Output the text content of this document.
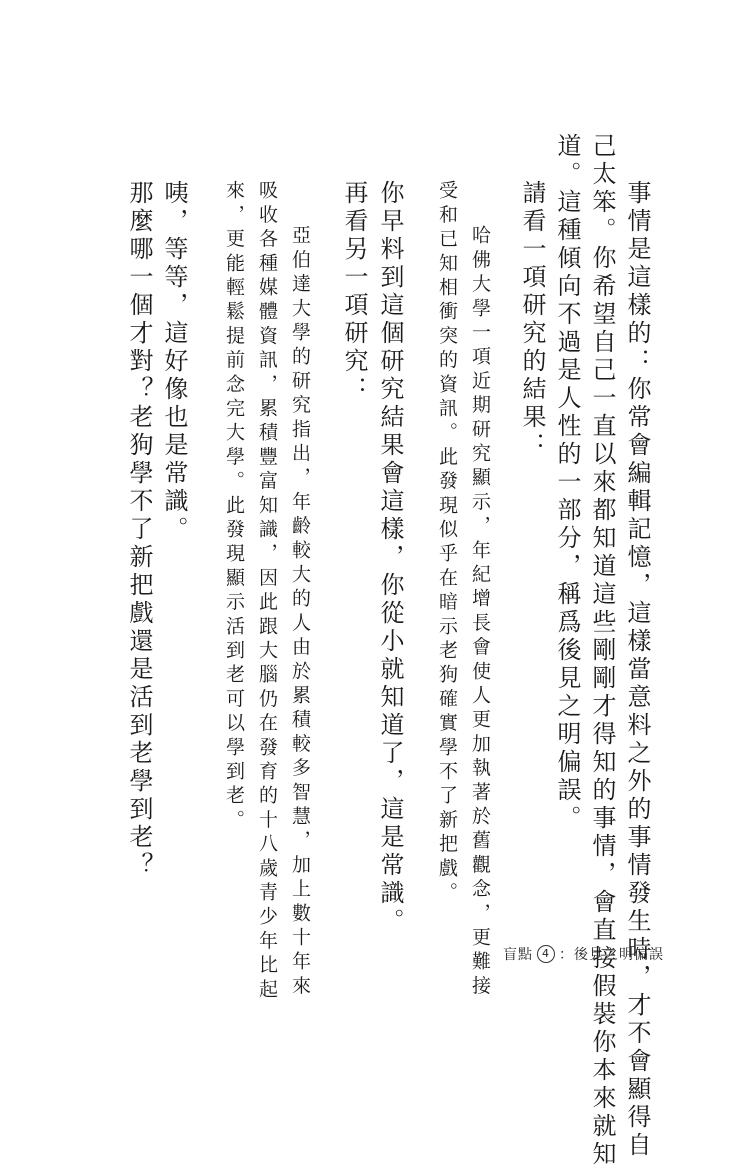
事情是這樣的：你常會編輯記憶，這樣當意料之外的事情發生時，才不會顯得自
己太笨。你希望自己一直以來都知道這些剛剛才得知的事情，會直接假裝你本來就知
道。這種傾向不過是人性的一部分，稱爲後見之明偏誤。
請看一項研究的結果：
哈佛大學一項近期研究顯示，年紀增長會使人更加執著於舊觀念，更難接
受和已知相衝突的資訊。此發現似乎在暗示老狗確實學不了新把戲。
你早料到這個研究結果會這樣，你從小就知道了，這是常識。
再看另一項研究：
亞伯達大學的研究指出，年齡較大的人由於累積較多智慧，加上數十年來
吸收各種媒體資訊，累積豐富知識，因此跟大腦仍在發育的十八歲青少年比起
來，更能輕鬆提前念完大學。此發現顯示活到老可以學到老。
咦，等等，這好像也是常識。
那麼哪一個才對？老狗學不了新把戲還是活到老學到老？
盲點 4 ：後見之明偏誤
